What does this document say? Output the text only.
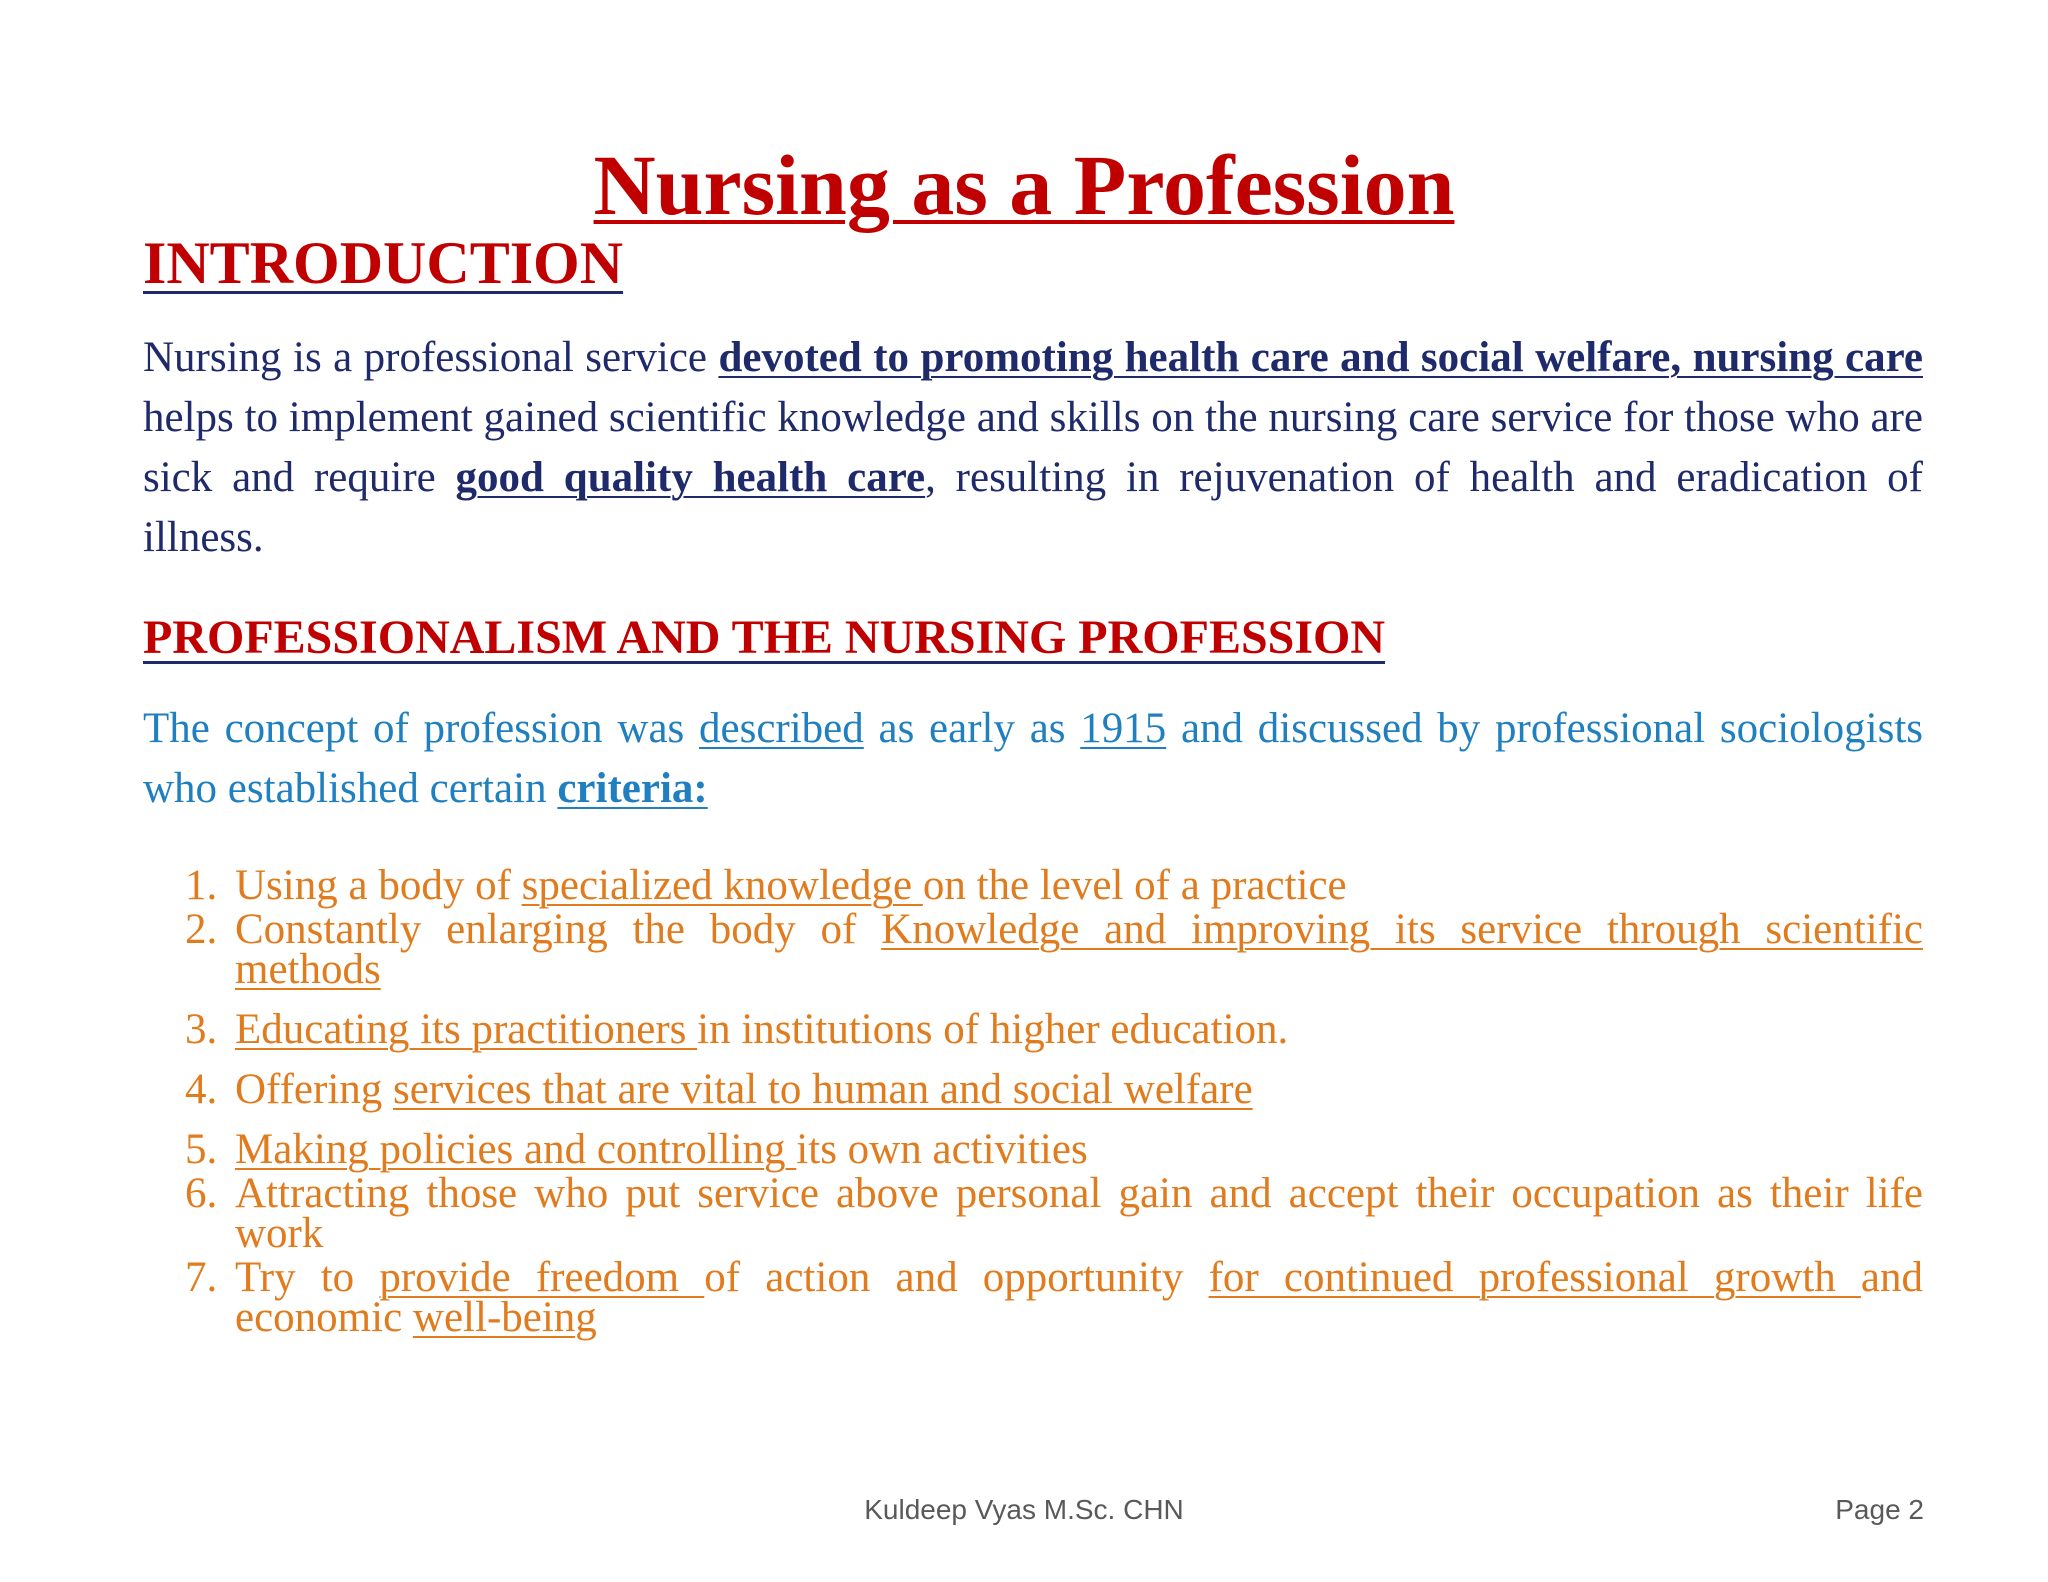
Nursing as a Profession
INTRODUCTION
Nursing is a professional service devoted to promoting health care and social welfare, nursing care helps to implement gained scientific knowledge and skills on the nursing care service for those who are sick and require good quality health care, resulting in rejuvenation of health and eradication of illness.
PROFESSIONALISM AND THE NURSING PROFESSION
The concept of profession was described as early as 1915 and discussed by professional sociologists who established certain criteria:
1. Using a body of specialized knowledge on the level of a practice
2. Constantly enlarging the body of Knowledge and improving its service through scientific methods
3. Educating its practitioners in institutions of higher education.
4. Offering services that are vital to human and social welfare
5. Making policies and controlling its own activities
6. Attracting those who put service above personal gain and accept their occupation as their life work
7. Try to provide freedom of action and opportunity for continued professional growth and economic well-being
Kuldeep Vyas M.Sc. CHN	Page 2
